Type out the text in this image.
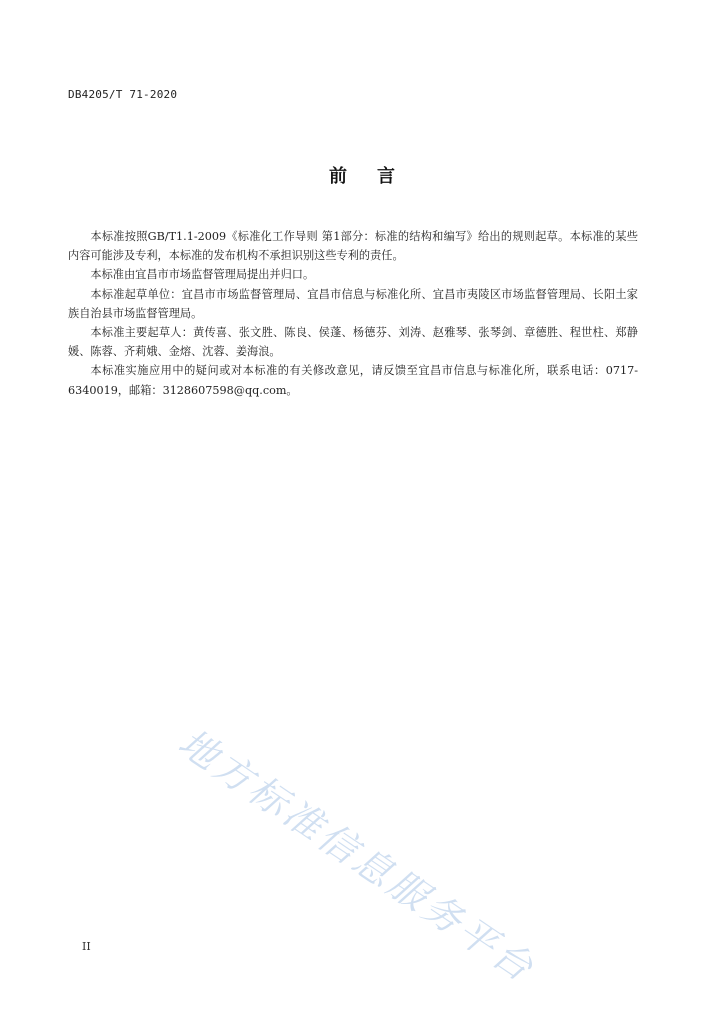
DB4205/T 71-2020
前言

本标准按照GB/T1.1-2009《标准化工作导则 第1部分：标准的结构和编写》给出的规则起草。本标准的某些内容可能涉及专利，本标准的发布机构不承担识别这些专利的责任。

本标准由宜昌市市场监督管理局提出并归口。

本标准起草单位：宜昌市市场监督管理局、宜昌市信息与标准化所、宜昌市夷陵区市场监督管理局、长阳土家族自治县市场监督管理局。

本标准主要起草人：黄传喜、张文胜、陈良、侯蓬、杨德芬、刘涛、赵雅琴、张琴剑、章德胜、程世柱、郑静媛、陈蓉、齐莉娥、金熔、沈蓉、姜海浪。

本标准实施应用中的疑问或对本标准的有关修改意见，请反馈至宜昌市信息与标准化所，联系电话：0717-6340019，邮箱：3128607598@qq.com。

地方标准信息服务平台
II
